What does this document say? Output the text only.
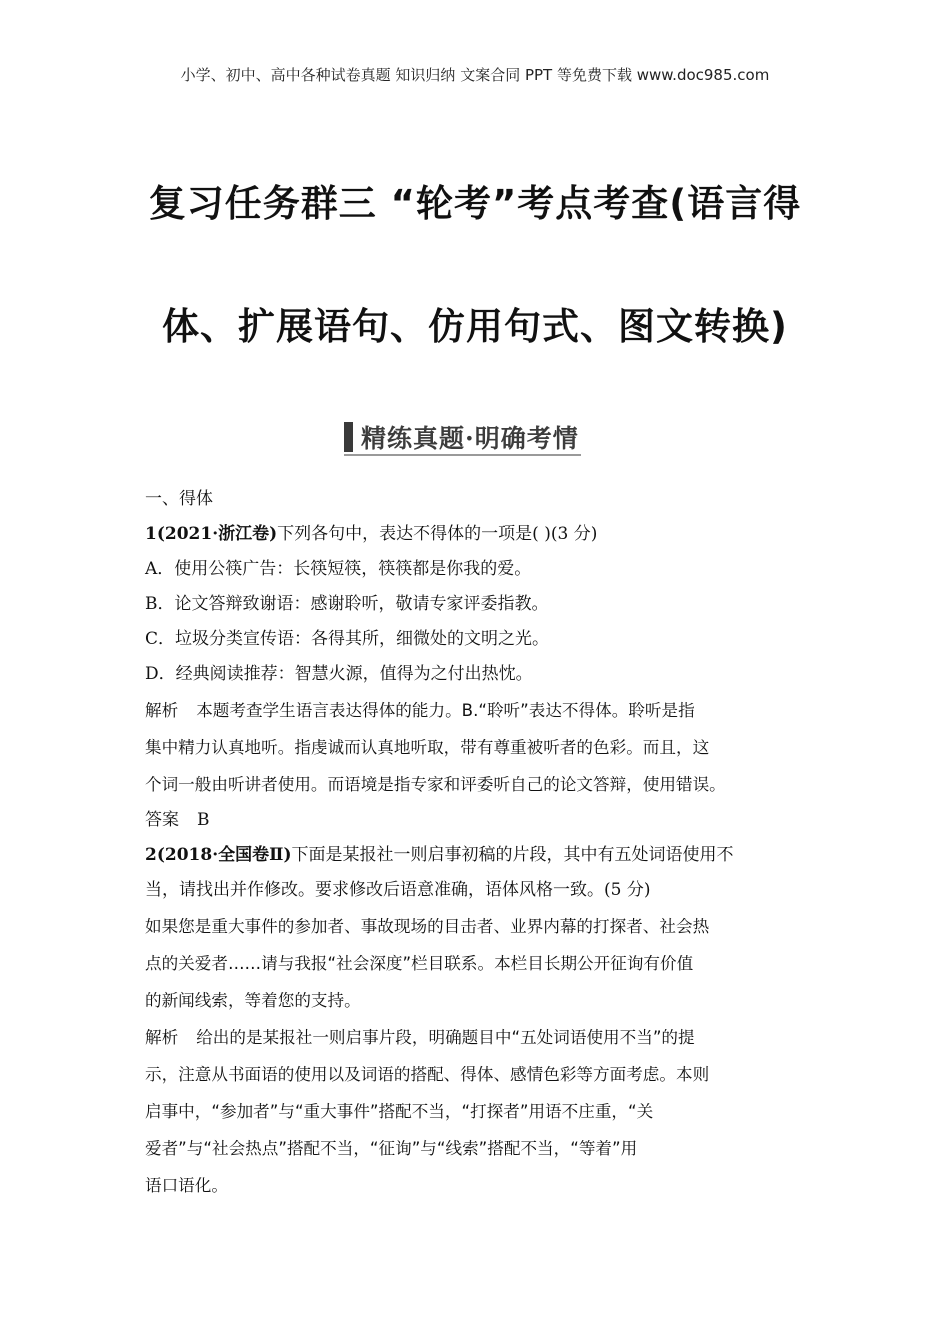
小学、初中、高中各种试卷真题 知识归纳 文案合同 PPT 等免费下载 www.doc985.com
复习任务群三 “轮考”考点考查(语言得
体、扩展语句、仿用句式、图文转换)
精练真题·明确考情
一、得体
1(2021·浙江卷)下列各句中，表达不得体的一项是( )(3 分)
A．使用公筷广告：长筷短筷，筷筷都是你我的爱。
B．论文答辩致谢语：感谢聆听，敬请专家评委指教。
C．垃圾分类宣传语：各得其所，细微处的文明之光。
D．经典阅读推荐：智慧火源，值得为之付出热忱。
解析 本题考查学生语言表达得体的能力。B.“聆听”表达不得体。聆听是指
集中精力认真地听。指虔诚而认真地听取，带有尊重被听者的色彩。而且，这
个词一般由听讲者使用。而语境是指专家和评委听自己的论文答辩，使用错误。
答案 B
2(2018·全国卷Ⅱ)下面是某报社一则启事初稿的片段，其中有五处词语使用不
当，请找出并作修改。要求修改后语意准确，语体风格一致。(5 分)
如果您是重大事件的参加者、事故现场的目击者、业界内幕的打探者、社会热
点的关爱者……请与我报“社会深度”栏目联系。本栏目长期公开征询有价值
的新闻线索，等着您的支持。
解析 给出的是某报社一则启事片段，明确题目中“五处词语使用不当”的提
示，注意从书面语的使用以及词语的搭配、得体、感情色彩等方面考虑。本则
启事中，“参加者”与“重大事件”搭配不当，“打探者”用语不庄重，“关
爱者”与“社会热点”搭配不当，“征询”与“线索”搭配不当，“等着”用
语口语化。
